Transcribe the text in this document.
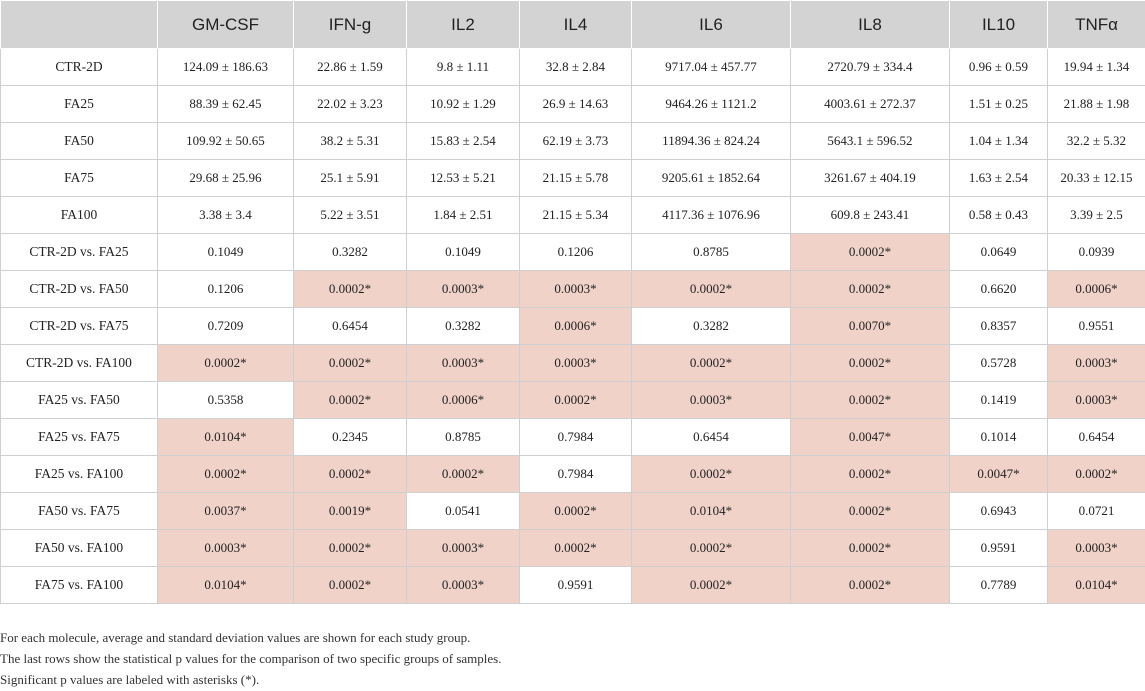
	GM-CSF	IFN-g	IL2	IL4	IL6	IL8	IL10	TNFα
CTR-2D	124.09 ± 186.63	22.86 ± 1.59	9.8 ± 1.11	32.8 ± 2.84	9717.04 ± 457.77	2720.79 ± 334.4	0.96 ± 0.59	19.94 ± 1.34
FA25	88.39 ± 62.45	22.02 ± 3.23	10.92 ± 1.29	26.9 ± 14.63	9464.26 ± 1121.2	4003.61 ± 272.37	1.51 ± 0.25	21.88 ± 1.98
FA50	109.92 ± 50.65	38.2 ± 5.31	15.83 ± 2.54	62.19 ± 3.73	11894.36 ± 824.24	5643.1 ± 596.52	1.04 ± 1.34	32.2 ± 5.32
FA75	29.68 ± 25.96	25.1 ± 5.91	12.53 ± 5.21	21.15 ± 5.78	9205.61 ± 1852.64	3261.67 ± 404.19	1.63 ± 2.54	20.33 ± 12.15
FA100	3.38 ± 3.4	5.22 ± 3.51	1.84 ± 2.51	21.15 ± 5.34	4117.36 ± 1076.96	609.8 ± 243.41	0.58 ± 0.43	3.39 ± 2.5
CTR-2D vs. FA25	0.1049	0.3282	0.1049	0.1206	0.8785	0.0002*	0.0649	0.0939
CTR-2D vs. FA50	0.1206	0.0002*	0.0003*	0.0003*	0.0002*	0.0002*	0.6620	0.0006*
CTR-2D vs. FA75	0.7209	0.6454	0.3282	0.0006*	0.3282	0.0070*	0.8357	0.9551
CTR-2D vs. FA100	0.0002*	0.0002*	0.0003*	0.0003*	0.0002*	0.0002*	0.5728	0.0003*
FA25 vs. FA50	0.5358	0.0002*	0.0006*	0.0002*	0.0003*	0.0002*	0.1419	0.0003*
FA25 vs. FA75	0.0104*	0.2345	0.8785	0.7984	0.6454	0.0047*	0.1014	0.6454
FA25 vs. FA100	0.0002*	0.0002*	0.0002*	0.7984	0.0002*	0.0002*	0.0047*	0.0002*
FA50 vs. FA75	0.0037*	0.0019*	0.0541	0.0002*	0.0104*	0.0002*	0.6943	0.0721
FA50 vs. FA100	0.0003*	0.0002*	0.0003*	0.0002*	0.0002*	0.0002*	0.9591	0.0003*
FA75 vs. FA100	0.0104*	0.0002*	0.0003*	0.9591	0.0002*	0.0002*	0.7789	0.0104*

For each molecule, average and standard deviation values are shown for each study group.

The last rows show the statistical p values for the comparison of two specific groups of samples.

Significant p values are labeled with asterisks (*).
